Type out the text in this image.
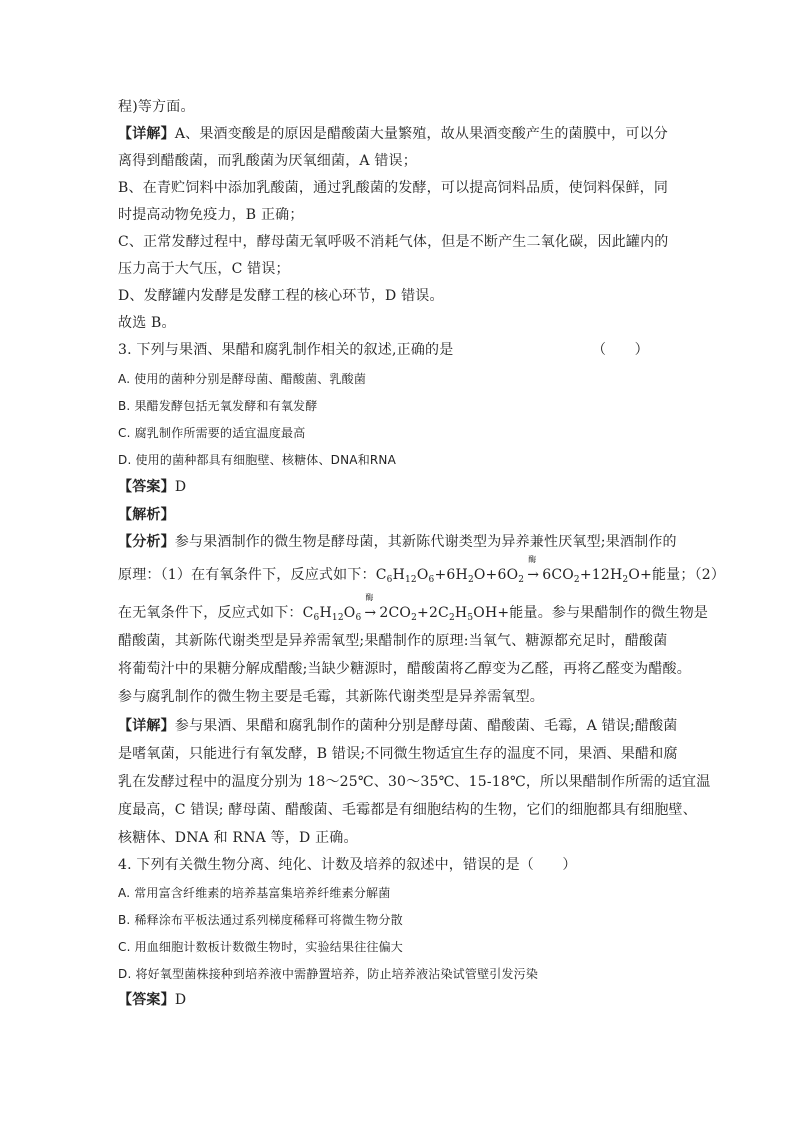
程)等方面。
【详解】A、果酒变酸是的原因是醋酸菌大量繁殖，故从果酒变酸产生的菌膜中，可以分
离得到醋酸菌，而乳酸菌为厌氧细菌，A 错误；
B、在青贮饲料中添加乳酸菌，通过乳酸菌的发酵，可以提高饲料品质，使饲料保鲜，同
时提高动物免疫力，B 正确；
C、正常发酵过程中，酵母菌无氧呼吸不消耗气体，但是不断产生二氧化碳，因此罐内的
压力高于大气压，C 错误；
D、发酵罐内发酵是发酵工程的核心环节，D 错误。
故选 B。
3. 下列与果酒、果醋和腐乳制作相关的叙述,正确的是	（　　）
A. 使用的菌种分别是酵母菌、醋酸菌、乳酸菌
B. 果醋发酵包括无氧发酵和有氧发酵
C. 腐乳制作所需要的适宜温度最高
D. 使用的菌种都具有细胞壁、核糖体、DNA和RNA
【答案】D
【解析】
【分析】参与果酒制作的微生物是酵母菌，其新陈代谢类型为异养兼性厌氧型;果酒制作的
原理：（1）在有氧条件下，反应式如下：$C_6H_{12}O_6+6H_2O+6O_2$
酶
→ $6CO_2+12H_2O+$能量；（2）
在无氧条件下，反应式如下：$C_6H_{12}O_6$
酶
→ $2CO_2+2C_2H_5OH+$能量。参与果醋制作的微生物是
醋酸菌，其新陈代谢类型是异养需氧型;果醋制作的原理:当氧气、糖源都充足时，醋酸菌
将葡萄汁中的果糖分解成醋酸;当缺少糖源时，醋酸菌将乙醇变为乙醛，再将乙醛变为醋酸。
参与腐乳制作的微生物主要是毛霉，其新陈代谢类型是异养需氧型。
【详解】参与果酒、果醋和腐乳制作的菌种分别是酵母菌、醋酸菌、毛霉，A 错误;醋酸菌
是嗜氧菌，只能进行有氧发酵，B 错误;不同微生物适宜生存的温度不同，果酒、果醋和腐
乳在发酵过程中的温度分别为 18～25℃、30～35℃、15-18℃，所以果醋制作所需的适宜温
度最高，C 错误; 酵母菌、醋酸菌、毛霉都是有细胞结构的生物，它们的细胞都具有细胞壁、
核糖体、DNA 和 RNA 等，D 正确。
4. 下列有关微生物分离、纯化、计数及培养的叙述中，错误的是（　　）
A. 常用富含纤维素的培养基富集培养纤维素分解菌
B. 稀释涂布平板法通过系列梯度稀释可将微生物分散
C. 用血细胞计数板计数微生物时，实验结果往往偏大
D. 将好氧型菌株接种到培养液中需静置培养，防止培养液沾染试管壁引发污染
【答案】D
